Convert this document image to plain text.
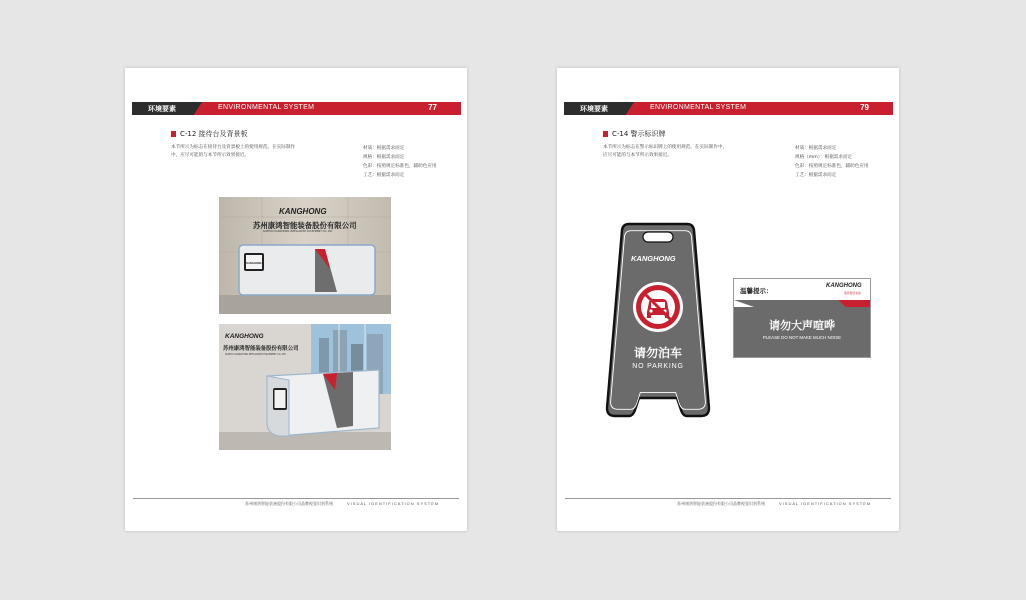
环境要素	ENVIRONMENTAL SYSTEM	77
C-12 接待台及背景板
本节所示为标志在接待台及背景板上的使用规范。在实际制作中，应尽可能的与本节所示效果接近。
材质：根据需求而定
规格：根据需求而定
色彩：按照规定标准色，辅助色应用
工艺：根据需求而定
KANGHONG
KANGHONG
苏州康鸿智能装备股份有限公司
SUZHOU KANGHONG INTELLIGENT EQUIPMENT CO.,LTD
KANGHONG
苏州康鸿智能装备股份有限公司
SUZHOU KANGHONG INTELLIGENT EQUIPMENT CO.,LTD
苏州康鸿智能装备股份有限公司品牌视觉识别系统	VISUAL IDENTIFICATION SYSTEM
环境要素	ENVIRONMENTAL SYSTEM	79
C-14 警示标识牌
本节所示为标志在警示标识牌上的使用规范。在实际制作中，应尽可能的与本节所示效果接近。
材质：根据需求而定
规格（mm）：根据需求而定
色彩：按照规定标准色，辅助色应用
工艺：根据需求而定
KANGHONG
请勿泊车
NO PARKING
温馨提示：
KANGHONG
康鸿智能装备
请勿大声喧哗
PLEASE DO NOT MAKE MUCH NOISE
苏州康鸿智能装备股份有限公司品牌视觉识别系统	VISUAL IDENTIFICATION SYSTEM
